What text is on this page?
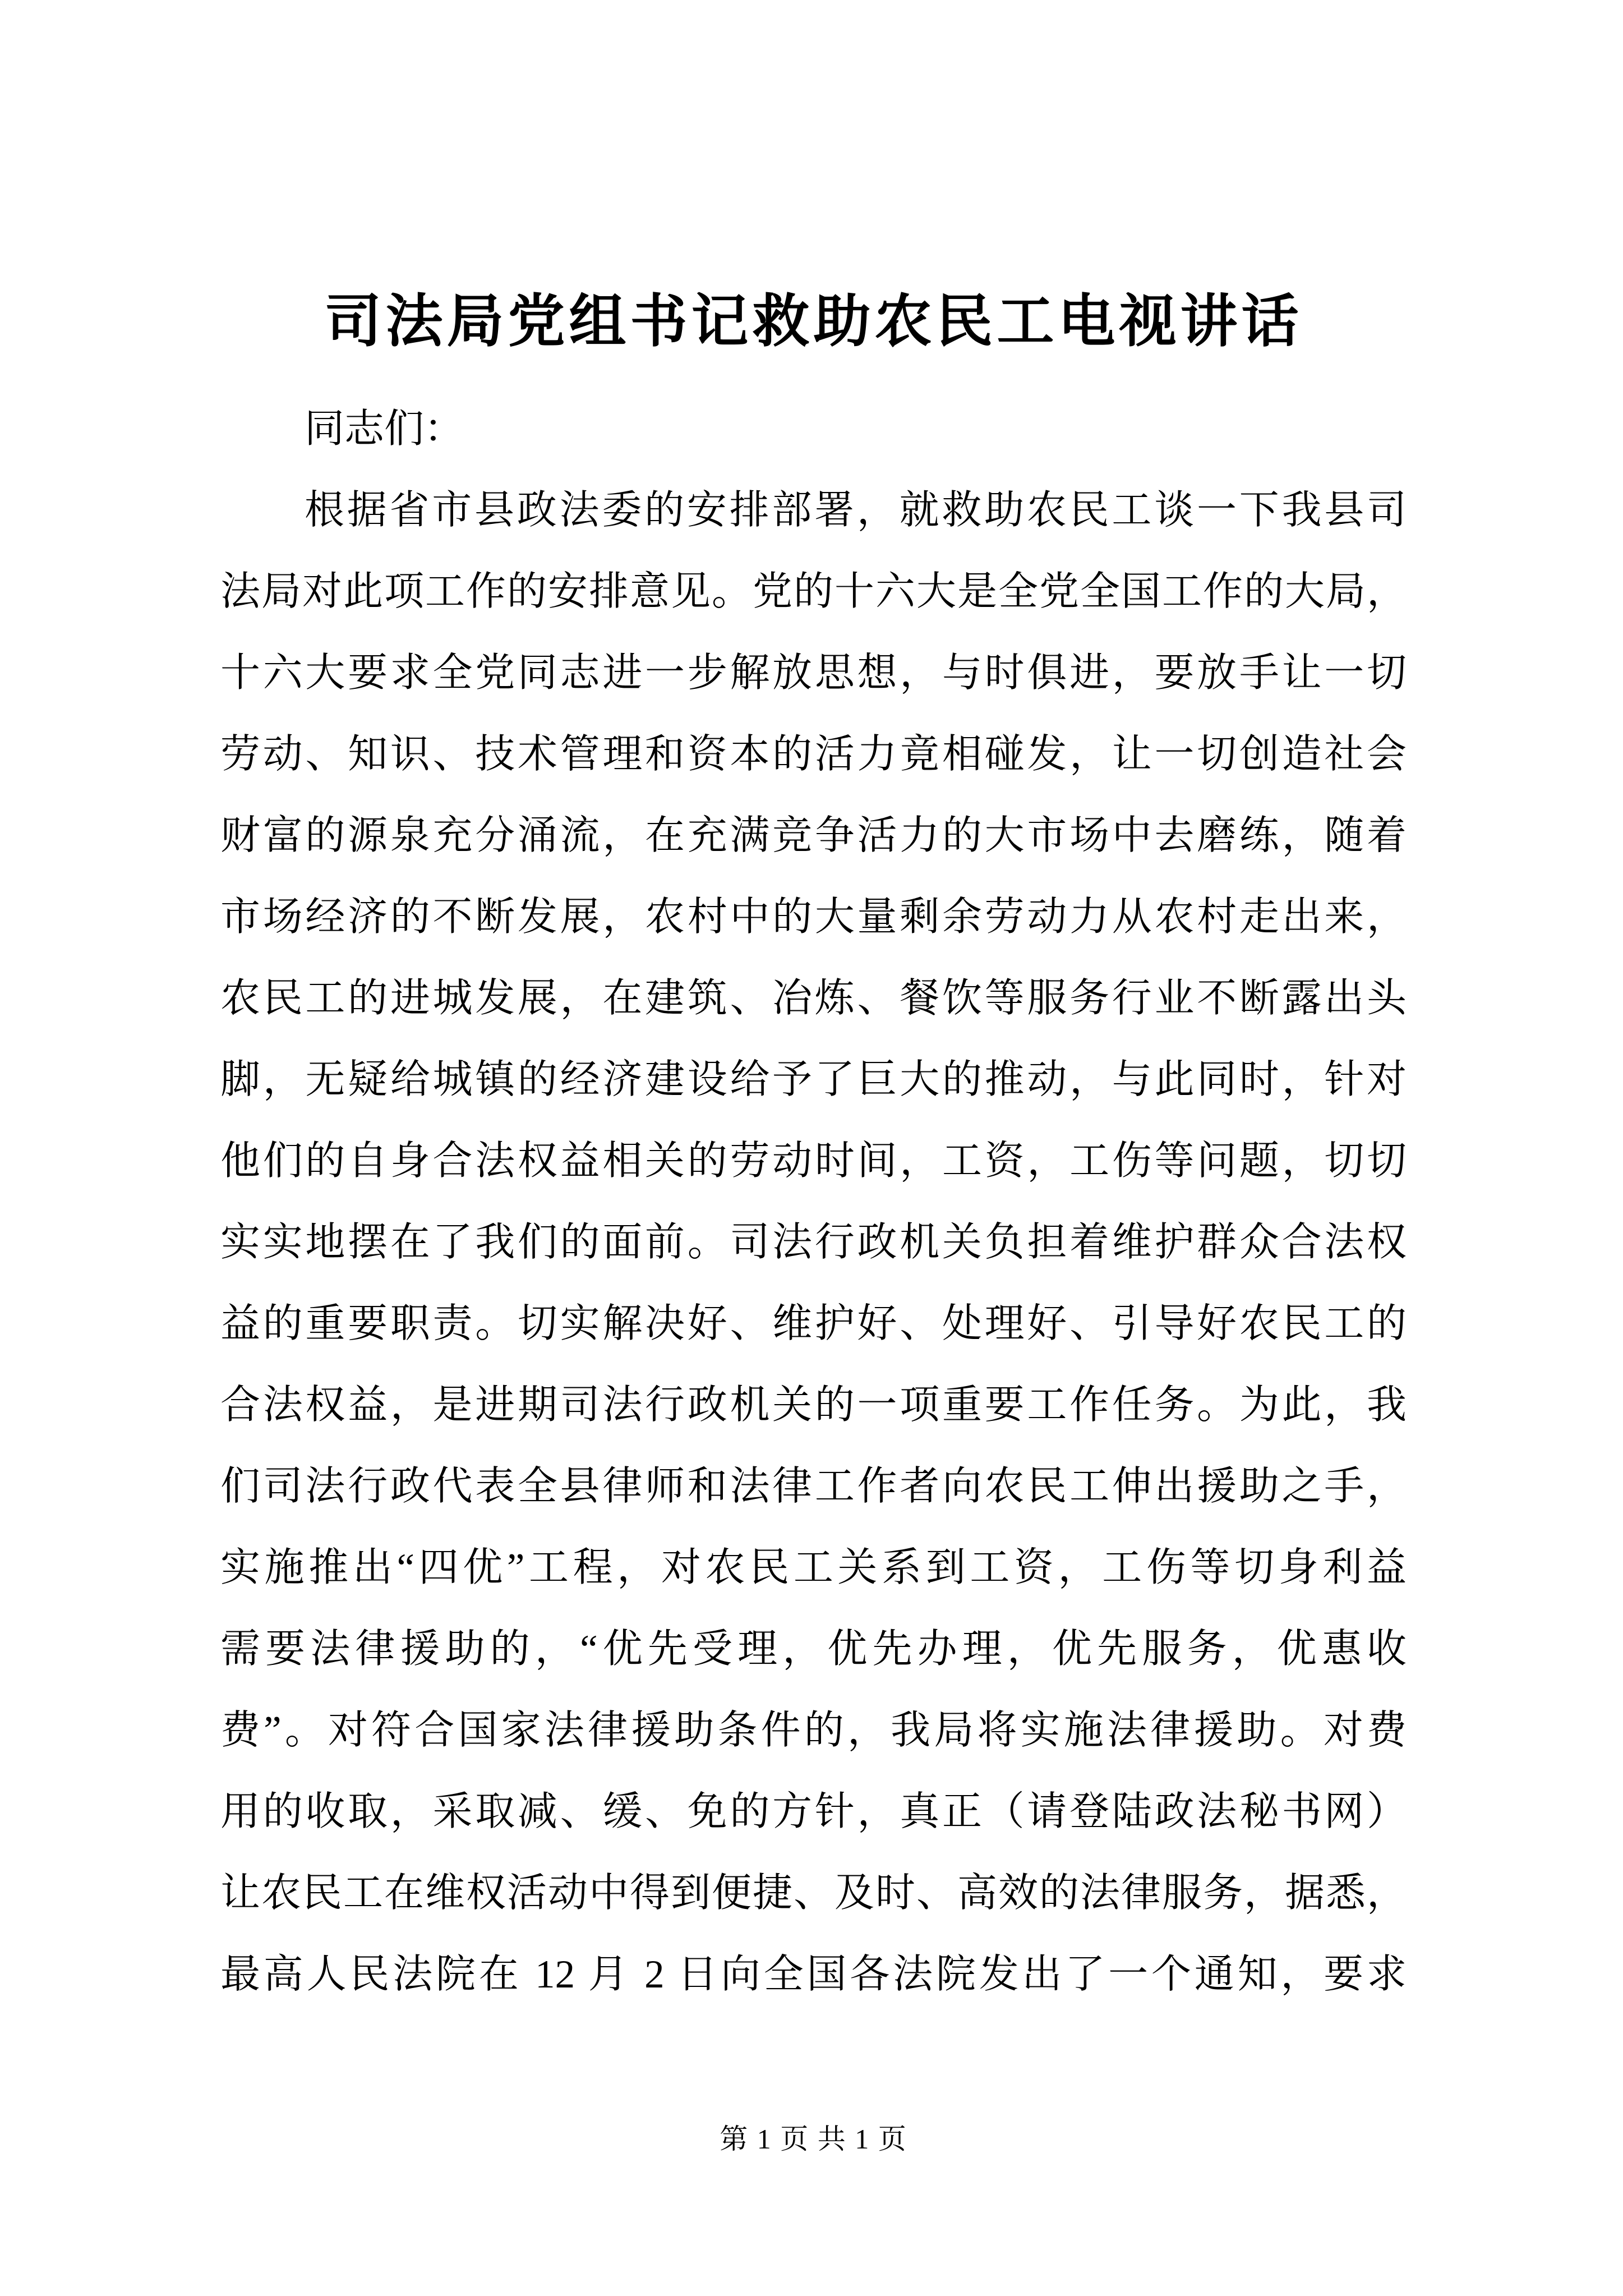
司法局党组书记救助农民工电视讲话
同志们：
根据省市县政法委的安排部署，就救助农民工谈一下我县司
法局对此项工作的安排意见。党的十六大是全党全国工作的大局，
十六大要求全党同志进一步解放思想，与时俱进，要放手让一切
劳动、知识、技术管理和资本的活力竟相碰发，让一切创造社会
财富的源泉充分涌流，在充满竞争活力的大市场中去磨练，随着
市场经济的不断发展，农村中的大量剩余劳动力从农村走出来，
农民工的进城发展，在建筑、冶炼、餐饮等服务行业不断露出头
脚，无疑给城镇的经济建设给予了巨大的推动，与此同时，针对
他们的自身合法权益相关的劳动时间，工资，工伤等问题，切切
实实地摆在了我们的面前。司法行政机关负担着维护群众合法权
益的重要职责。切实解决好、维护好、处理好、引导好农民工的
合法权益，是进期司法行政机关的一项重要工作任务。为此，我
们司法行政代表全县律师和法律工作者向农民工伸出援助之手，
实施推出“四优”工程，对农民工关系到工资，工伤等切身利益
需要法律援助的，“优先受理，优先办理，优先服务，优惠收
费”。对符合国家法律援助条件的，我局将实施法律援助。对费
用的收取，采取减、缓、免的方针，真正（请登陆政法秘书网）
让农民工在维权活动中得到便捷、及时、高效的法律服务，据悉，
最高人民法院在 12 月 2 日向全国各法院发出了一个通知，要求
第 1 页 共 1 页
